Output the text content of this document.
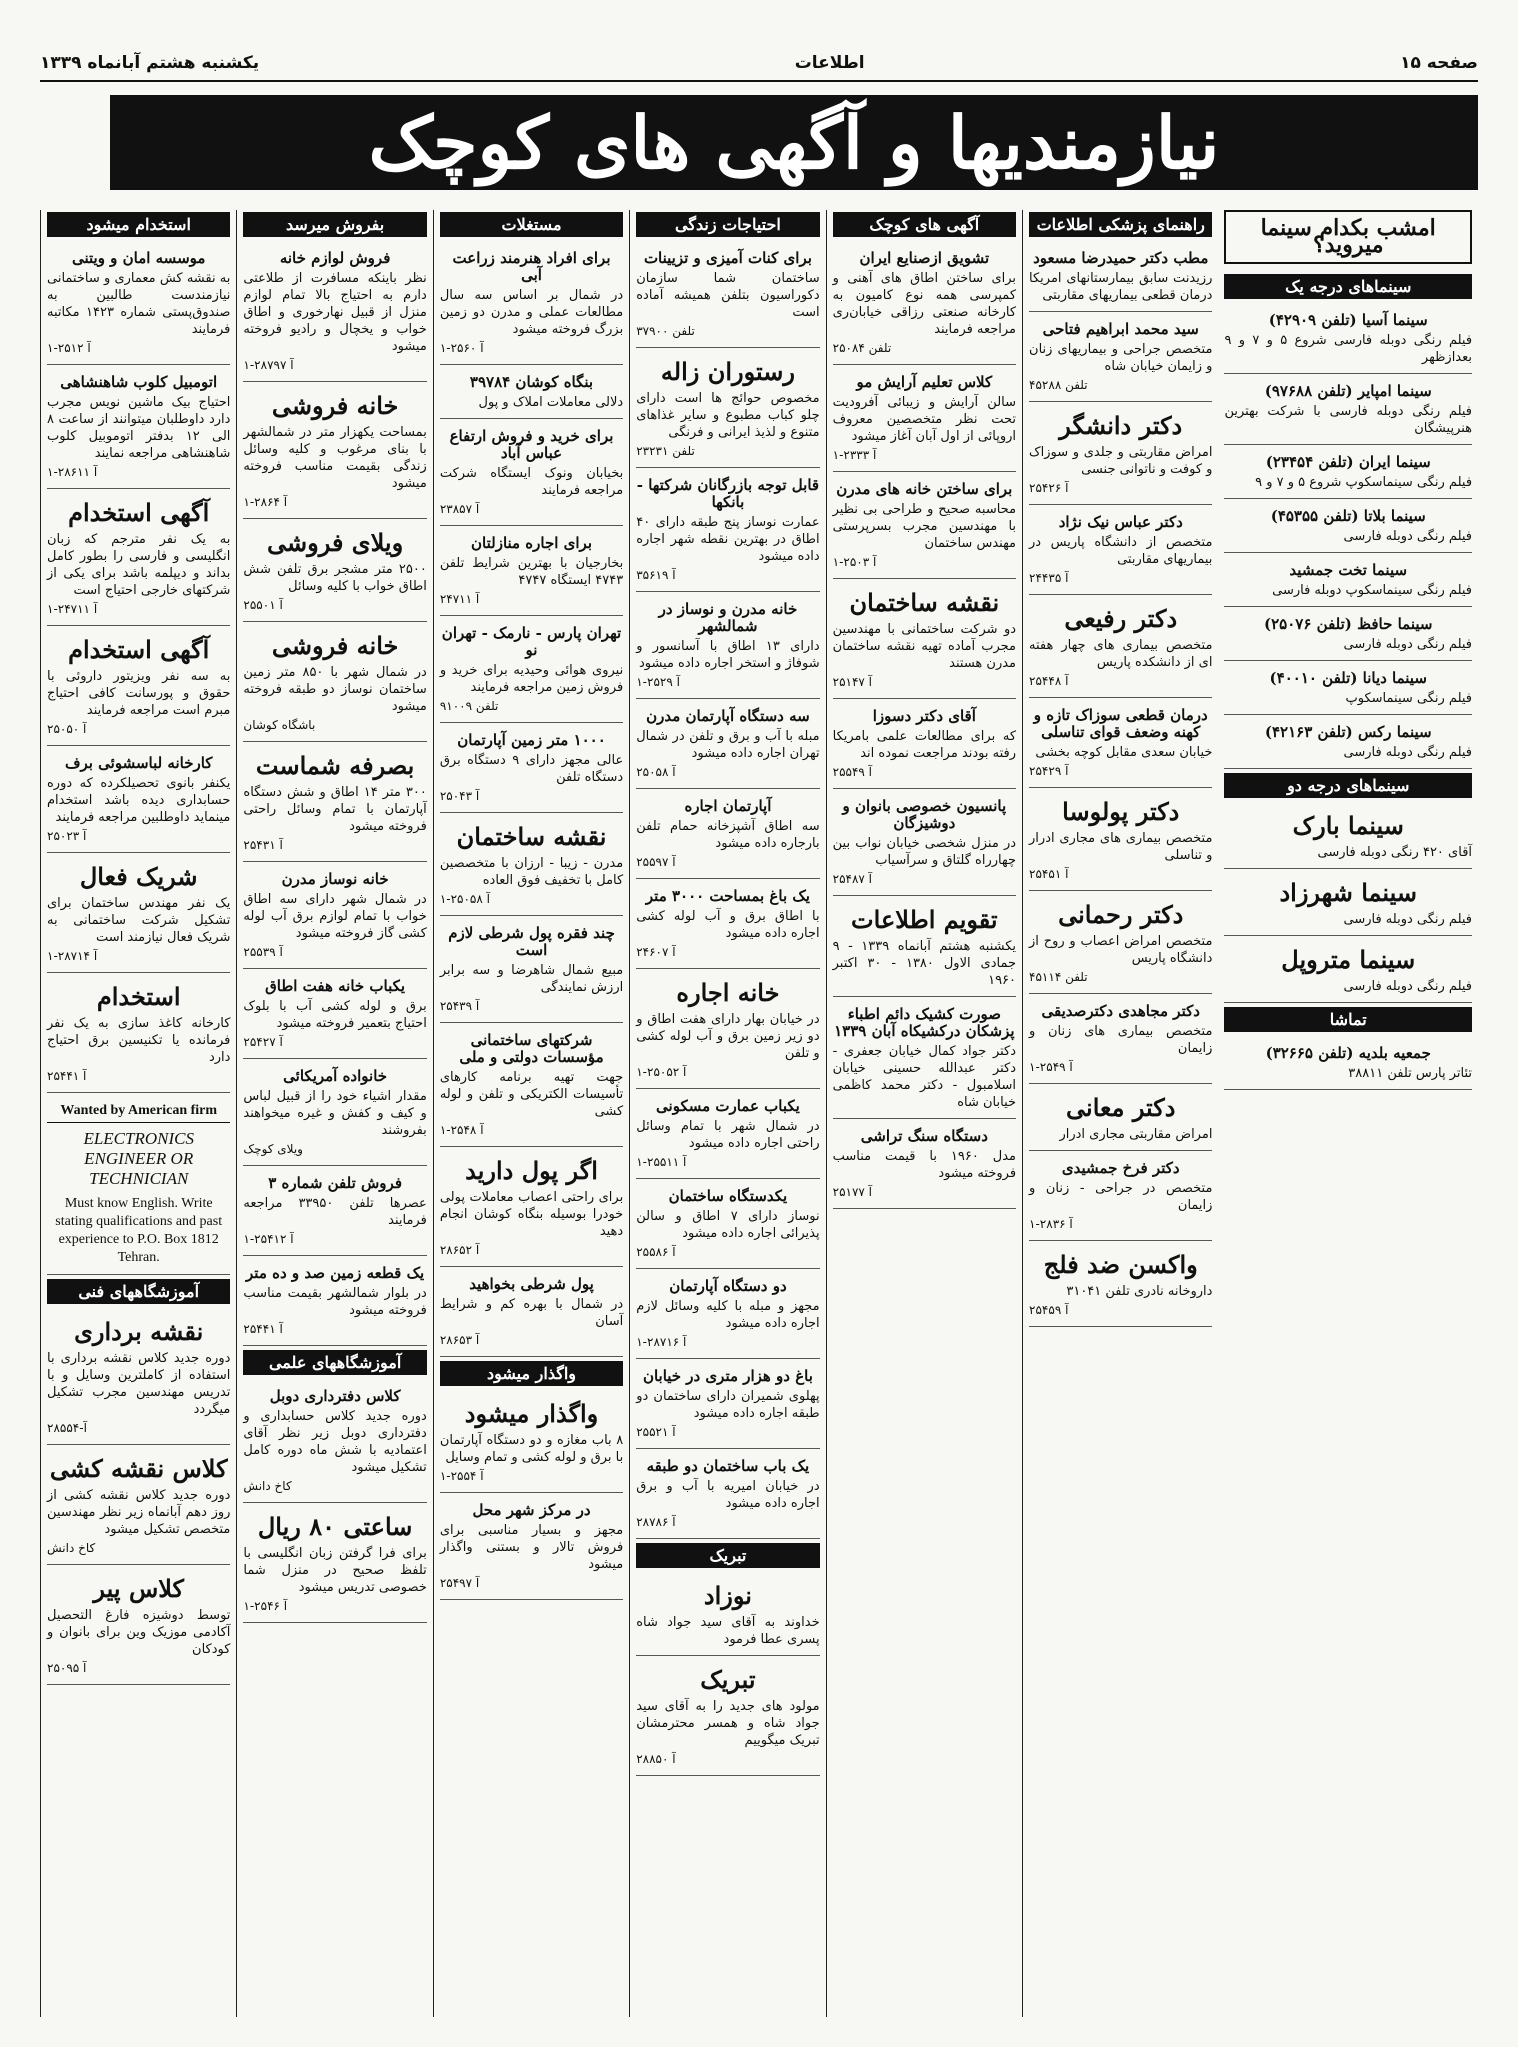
صفحه ۱۵
اطلاعات
یکشنبه هشتم آبانماه ۱۳۳۹
نیازمندیها و آگهی های کوچک
استخدام میشود
موسسه امان و ویتنی
به نقشه کش معماری و ساختمانی نیازمندست طالبین به صندوق‌پستی شماره ۱۴۲۳ مکاتبه فرمایند
۱-۲۵۱۲ آ
اتومبیل کلوب شاهنشاهی
احتیاج بیک ماشین نویس مجرب دارد داوطلبان میتوانند از ساعت ۸ الی ۱۲ بدفتر اتوموبیل کلوب شاهنشاهی مراجعه نمایند
۱-۲۸۶۱۱ آ
آگهی استخدام
به یک نفر مترجم که زبان انگلیسی و فارسی را بطور کامل بداند و دیپلمه باشد برای یکی از شرکتهای خارجی احتیاج است
۱-۲۴۷۱۱ آ
آگهی استخدام
به سه نفر ویزیتور داروئی با حقوق و پورسانت کافی احتیاج مبرم است مراجعه فرمایند
۲۵۰۵۰ آ
کارخانه لباسشوئی برف
یکنفر بانوی تحصیلکرده که دوره حسابداری دیده باشد استخدام مینماید داوطلبین مراجعه فرمایند
۲۵۰۲۳ آ
شریک فعال
یک نفر مهندس ساختمان برای تشکیل شرکت ساختمانی به شریک فعال نیازمند است
۱-۲۸۷۱۴ آ
استخدام
کارخانه کاغذ سازی به یک نفر فرمانده یا تکنیسین برق احتیاج دارد
۲۵۴۴۱ آ
Wanted by American firm
ELECTRONICS ENGINEER OR TECHNICIAN
Must know English. Write stating qualifications and past experience to P.O. Box 1812 Tehran.
آموزشگاههای فنی
نقشه برداری
دوره جدید کلاس نقشه برداری با استفاده از کاملترین وسایل و با تدریس مهندسین مجرب تشکیل میگردد
آ-۲۸۵۵۴
کلاس نقشه کشی
دوره جدید کلاس نقشه کشی از روز دهم آبانماه زیر نظر مهندسین متخصص تشکیل میشود
کاخ دانش
کلاس پیر
توسط دوشیزه فارغ التحصیل آکادمی موزیک وین برای بانوان و کودکان
۲۵۰۹۵ آ
بفروش میرسد
فروش لوازم خانه
نظر باینکه مسافرت از طلاعتی دارم به احتیاج بالا تمام لوازم منزل از قبیل نهارخوری و اطاق خواب و یخچال و رادیو فروخته میشود
۱-۲۸۷۹۷ آ
خانه فروشی
بمساحت یکهزار متر در شمالشهر با بنای مرغوب و کلیه وسائل زندگی بقیمت مناسب فروخته میشود
۱-۲۸۶۴ آ
ویلای فروشی
۲۵۰۰ متر مشجر برق تلفن شش اطاق خواب با کلیه وسائل
۲۵۵۰۱ آ
خانه فروشی
در شمال شهر با ۸۵۰ متر زمین ساختمان نوساز دو طبقه فروخته میشود
باشگاه کوشان
بصرفه شماست
۳۰۰ متر ۱۴ اطاق و شش دستگاه آپارتمان با تمام وسائل راحتی فروخته میشود
۲۵۴۳۱ آ
خانه نوساز مدرن
در شمال شهر دارای سه اطاق خواب با تمام لوازم برق آب لوله کشی گاز فروخته میشود
۲۵۵۳۹ آ
یکباب خانه هفت اطاق
برق و لوله کشی آب با بلوک احتیاج بتعمیر فروخته میشود
۲۵۴۲۷ آ
خانواده آمریکائی
مقدار اشیاء خود را از قبیل لباس و کیف و کفش و غیره میخواهند بفروشند
ویلای کوچک
فروش تلفن شماره ۳
عصرها تلفن ۳۳۹۵۰ مراجعه فرمایند
۱-۲۵۴۱۲ آ
یک قطعه زمین صد و ده متر
در بلوار شمالشهر بقیمت مناسب فروخته میشود
۲۵۴۴۱ آ
آموزشگاههای علمی
کلاس دفترداری دوبل
دوره جدید کلاس حسابداری و دفترداری دوبل زیر نظر آقای اعتمادیه با شش ماه دوره کامل تشکیل میشود
کاخ دانش
ساعتی ۸۰ ریال
برای فرا گرفتن زبان انگلیسی با تلفظ صحیح در منزل شما خصوصی تدریس میشود
۱-۲۵۴۶ آ
مستغلات
برای افراد هنرمند زراعت آبی
در شمال بر اساس سه سال مطالعات عملی و مدرن دو زمین بزرگ فروخته میشود
۱-۲۵۶۰ آ
بنگاه کوشان ۳۹۷۸۴
دلالی معاملات املاک و پول
برای خرید و فروش ارتفاع عباس آباد
بخیابان ونوک ایستگاه شرکت مراجعه فرمایند
۲۳۸۵۷ آ
برای اجاره منازلتان
بخارجیان با بهترین شرایط تلفن ۴۷۴۳ ایستگاه ۴۷۴۷
۲۴۷۱۱ آ
تهران پارس - نارمک - تهران نو
نیروی هوائی وحیدیه برای خرید و فروش زمین مراجعه فرمایند
تلفن ۹۱۰۰۹
۱۰۰۰ متر زمین آپارتمان
عالی مجهز دارای ۹ دستگاه برق دستگاه تلفن
۲۵۰۴۳ آ
نقشه ساختمان
مدرن - زیبا - ارزان با متخصصین کامل با تخفیف فوق العاده
۱-۲۵۰۵۸ آ
چند فقره پول شرطی لازم است
مبیع شمال شاهرضا و سه برابر ارزش نمایندگی
۲۵۴۳۹ آ
شرکتهای ساختمانی مؤسسات دولتی و ملی
جهت تهیه برنامه کارهای تأسیسات الکتریکی و تلفن و لوله کشی
۱-۲۵۴۸ آ
اگر پول دارید
برای راحتی اعصاب معاملات پولی خودرا بوسیله بنگاه کوشان انجام دهید
۲۸۶۵۲ آ
پول شرطی بخواهید
در شمال با بهره کم و شرایط آسان
۲۸۶۵۳ آ
واگذار میشود
واگذار میشود
۸ باب مغازه و دو دستگاه آپارتمان با برق و لوله کشی و تمام وسایل
۱-۲۵۵۴ آ
در مرکز شهر محل
مجهز و بسیار مناسبی برای فروش تالار و بستنی واگذار میشود
۲۵۴۹۷ آ
احتیاجات زندگی
برای کنات آمیزی و تزیینات
ساختمان شما سازمان دکوراسیون بتلفن همیشه آماده است
تلفن ۳۷۹۰۰
رستوران زاله
مخصوص حوائج ها است دارای چلو کباب مطبوع و سایر غذاهای متنوع و لذیذ ایرانی و فرنگی
تلفن ۲۳۲۳۱
قابل توجه بازرگانان شرکتها - بانکها
عمارت نوساز پنج طبقه دارای ۴۰ اطاق در بهترین نقطه شهر اجاره داده میشود
۳۵۶۱۹ آ
خانه مدرن و نوساز در شمالشهر
دارای ۱۳ اطاق با آسانسور و شوفاژ و استخر اجاره داده میشود
۱-۲۵۲۹ آ
سه دستگاه آپارتمان مدرن
مبله با آب و برق و تلفن در شمال تهران اجاره داده میشود
۲۵۰۵۸ آ
آپارتمان اجاره
سه اطاق آشپزخانه حمام تلفن بارجاره داده میشود
۲۵۵۹۷ آ
یک باغ بمساحت ۳۰۰۰ متر
با اطاق برق و آب لوله کشی اجاره داده میشود
۲۴۶۰۷ آ
خانه اجاره
در خیابان بهار دارای هفت اطاق و دو زیر زمین برق و آب لوله کشی و تلفن
۱-۲۵۰۵۲ آ
یکباب عمارت مسکونی
در شمال شهر با تمام وسائل راحتی اجاره داده میشود
۱-۲۵۵۱۱ آ
یکدستگاه ساختمان
نوساز دارای ۷ اطاق و سالن پذیرائی اجاره داده میشود
۲۵۵۸۶ آ
دو دستگاه آپارتمان
مجهز و مبله با کلیه وسائل لازم اجاره داده میشود
۱-۲۸۷۱۶ آ
باغ دو هزار متری در خیابان
پهلوی شمیران دارای ساختمان دو طبقه اجاره داده میشود
۲۵۵۲۱ آ
یک باب ساختمان دو طبقه
در خیابان امیریه با آب و برق اجاره داده میشود
۲۸۷۸۶ آ
تبریک
نوزاد
خداوند به آقای سید جواد شاه پسری عطا فرمود
تبریک
مولود های جدید را به آقای سید جواد شاه و همسر محترمشان تبریک میگوییم
۲۸۸۵۰ آ
آگهی های کوچک
تشویق ازصنایع ایران
برای ساختن اطاق های آهنی و کمپرسی همه نوع کامیون به کارخانه صنعتی رزاقی خیابان‌ری مراجعه فرمایند
تلفن ۲۵۰۸۴
کلاس تعلیم آرایش مو
سالن آرایش و زیبائی آفرودیت تحت نظر متخصصین معروف اروپائی از اول آبان آغاز میشود
۱-۲۳۳۳ آ
برای ساختن خانه های مدرن
محاسبه صحیح و طراحی بی نظیر با مهندسین مجرب بسرپرستی مهندس ساختمان
۱-۲۵۰۳ آ
نقشه ساختمان
دو شرکت ساختمانی با مهندسین مجرب آماده تهیه نقشه ساختمان مدرن هستند
۲۵۱۴۷ آ
آقای دکتر دسوزا
که برای مطالعات علمی بامریکا رفته بودند مراجعت نموده اند
۲۵۵۴۹ آ
پانسیون خصوصی بانوان و دوشیزگان
در منزل شخصی خیابان نواب بین چهارراه گلتاق و سرآسیاب
۲۵۴۸۷ آ
تقویم اطلاعات
یکشنبه هشتم آبانماه ۱۳۳۹ - ۹ جمادی الاول ۱۳۸۰ - ۳۰ اکتبر ۱۹۶۰
صورت کشیک دائم اطباء پزشکان درکشیکاه آبان ۱۳۳۹
دکتر جواد کمال خیابان جعفری - دکتر عبدالله حسینی خیابان اسلامبول - دکتر محمد کاظمی خیابان شاه
دستگاه سنگ تراشی
مدل ۱۹۶۰ با قیمت مناسب فروخته میشود
۲۵۱۷۷ آ
راهنمای پزشکی اطلاعات
مطب دکتر حمیدرضا مسعود
رزیدنت سابق بیمارستانهای امریکا درمان قطعی بیماریهای مقاربتی
سید محمد ابراهیم فتاحی
متخصص جراحی و بیماریهای زنان و زایمان خیابان شاه
تلفن ۴۵۲۸۸
دکتر دانشگر
امراض مقاربتی و جلدی و سوزاک و کوفت و ناتوانی جنسی
۲۵۴۲۶ آ
دکتر عباس نیک نژاد
متخصص از دانشگاه پاریس در بیماریهای مقاربتی
۲۴۴۳۵ آ
دکتر رفیعی
متخصص بیماری های چهار هفته ای از دانشکده پاریس
۲۵۴۴۸ آ
درمان قطعی سوزاک تازه و کهنه وضعف قوای تناسلی
خیابان سعدی مقابل کوچه بخشی
۲۵۴۲۹ آ
دکتر پولوسا
متخصص بیماری های مجاری ادرار و تناسلی
۲۵۴۵۱ آ
دکتر رحمانی
متخصص امراض اعصاب و روح از دانشگاه پاریس
تلفن ۴۵۱۱۴
دکتر مجاهدی دکترصدیقی
متخصص بیماری های زنان و زایمان
۱-۲۵۴۹ آ
دکتر معانی
امراض مقاربتی مجاری ادرار
دکتر فرخ جمشیدی
متخصص در جراحی - زنان و زایمان
۱-۲۸۳۶ آ
واکسن ضد فلج
داروخانه نادری تلفن ۳۱۰۴۱
۲۵۴۵۹ آ
امشب بکدام سینما میروید؟
سینماهای درجه یک
سینما آسیا (تلفن ۴۲۹۰۹)
فیلم رنگی دوبله فارسی شروع ۵ و ۷ و ۹ بعدازظهر
سینما امپایر (تلفن ۹۷۶۸۸)
فیلم رنگی دوبله فارسی با شرکت بهترین هنرپیشگان
سینما ایران (تلفن ۲۳۴۵۴)
فیلم رنگی سینماسکوپ شروع ۵ و ۷ و ۹
سینما بلاتا (تلفن ۴۵۳۵۵)
فیلم رنگی دوبله فارسی
سینما تخت جمشید
فیلم رنگی سینماسکوپ دوبله فارسی
سینما حافظ (تلفن ۲۵۰۷۶)
فیلم رنگی دوبله فارسی
سینما دیانا (تلفن ۴۰۰۱۰)
فیلم رنگی سینماسکوپ
سینما رکس (تلفن ۴۲۱۶۳)
فیلم رنگی دوبله فارسی
سینماهای درجه دو
سینما بارک
آقای ۴۲۰ رنگی دوبله فارسی
سینما شهرزاد
فیلم رنگی دوبله فارسی
سینما متروپل
فیلم رنگی دوبله فارسی
تماشا
جمعیه بلدیه (تلفن ۳۲۶۶۵)
تئاتر پارس تلفن ۳۸۸۱۱
